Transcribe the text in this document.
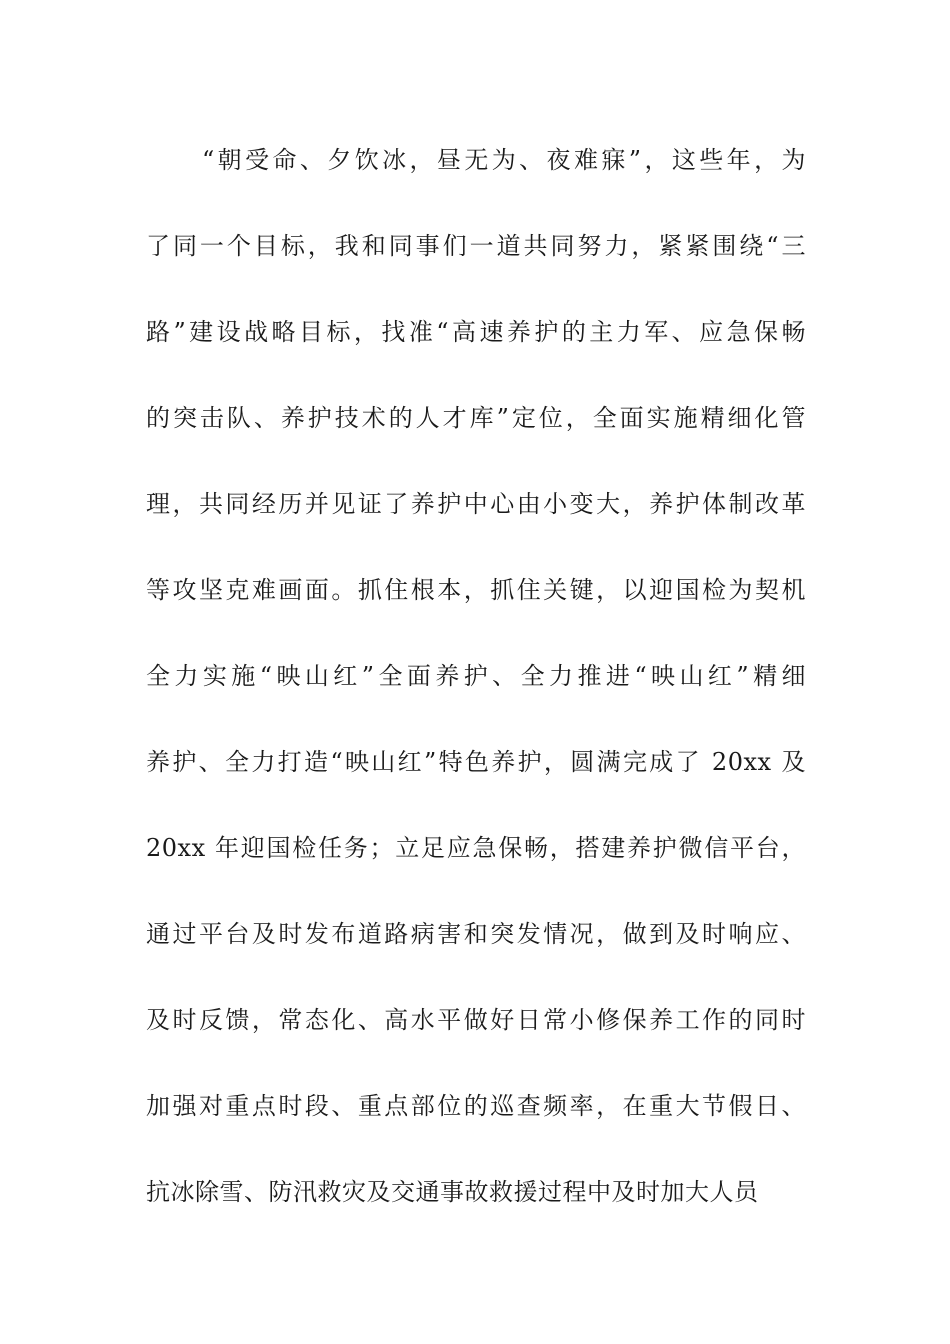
“朝受命、夕饮冰，昼无为、夜难寐”，这些年，为
了同一个目标，我和同事们一道共同努力，紧紧围绕“三
路”建设战略目标，找准“高速养护的主力军、应急保畅
的突击队、养护技术的人才库”定位，全面实施精细化管
理，共同经历并见证了养护中心由小变大，养护体制改革
等攻坚克难画面。抓住根本，抓住关键，以迎国检为契机
全力实施“映山红”全面养护、全力推进“映山红”精细
养护、全力打造“映山红”特色养护，圆满完成了 20xx 及
20xx 年迎国检任务；立足应急保畅，搭建养护微信平台，
通过平台及时发布道路病害和突发情况，做到及时响应、
及时反馈，常态化、高水平做好日常小修保养工作的同时
加强对重点时段、重点部位的巡查频率，在重大节假日、
抗冰除雪、防汛救灾及交通事故救援过程中及时加大人员
